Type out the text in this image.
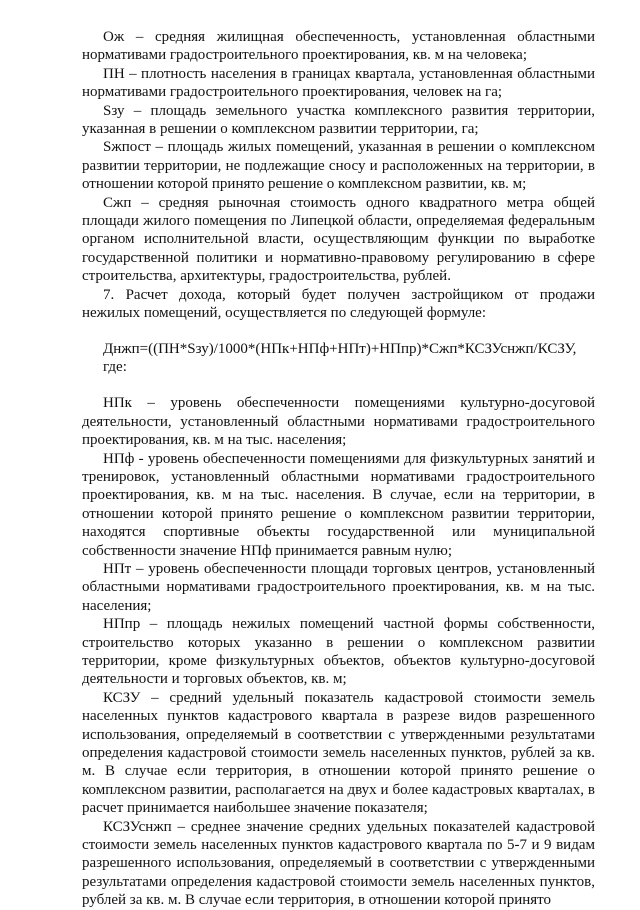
Ож – средняя жилищная обеспеченность, установленная областными нормативами градостроительного проектирования, кв. м на человека;

ПН – плотность населения в границах квартала, установленная областными нормативами градостроительного проектирования, человек на га;

Sзу – площадь земельного участка комплексного развития территории, указанная в решении о комплексном развитии территории, га;

Sжпост – площадь жилых помещений, указанная в решении о комплексном развитии территории, не подлежащие сносу и расположенных на территории, в отношении которой принято решение о комплексном развитии, кв. м;

Сжп – средняя рыночная стоимость одного квадратного метра общей площади жилого помещения по Липецкой области, определяемая федеральным органом исполнительной власти, осуществляющим функции по выработке государственной политики и нормативно-правовому регулированию в сфере строительства, архитектуры, градостроительства, рублей.

7. Расчет дохода, который будет получен застройщиком от продажи нежилых помещений, осуществляется по следующей формуле:

Днжп=((ПН*Sзу)/1000*(НПк+НПф+НПт)+НПпр)*Сжп*КСЗУснжп/КСЗУ,

где:

НПк – уровень обеспеченности помещениями культурно-досуговой деятельности, установленный областными нормативами градостроительного проектирования, кв. м на тыс. населения;

НПф - уровень обеспеченности помещениями для физкультурных занятий и тренировок, установленный областными нормативами градостроительного проектирования, кв. м на тыс. населения. В случае, если на территории, в отношении которой принято решение о комплексном развитии территории, находятся спортивные объекты государственной или муниципальной собственности значение НПф принимается равным нулю;

НПт – уровень обеспеченности площади торговых центров, установленный областными нормативами градостроительного проектирования, кв. м на тыс. населения;

НПпр – площадь нежилых помещений частной формы собственности, строительство которых указанно в решении о комплексном развитии территории, кроме физкультурных объектов, объектов культурно-досуговой деятельности и торговых объектов, кв. м;

КСЗУ – средний удельный показатель кадастровой стоимости земель населенных пунктов кадастрового квартала в разрезе видов разрешенного использования, определяемый в соответствии с утвержденными результатами определения кадастровой стоимости земель населенных пунктов, рублей за кв. м. В случае если территория, в отношении которой принято решение о комплексном развитии, располагается на двух и более кадастровых кварталах, в расчет принимается наибольшее значение показателя;

КСЗУснжп – среднее значение средних удельных показателей кадастровой стоимости земель населенных пунктов кадастрового квартала по 5-7 и 9 видам разрешенного использования, определяемый в соответствии с утвержденными результатами определения кадастровой стоимости земель населенных пунктов, рублей за кв. м. В случае если территория, в отношении которой принято
